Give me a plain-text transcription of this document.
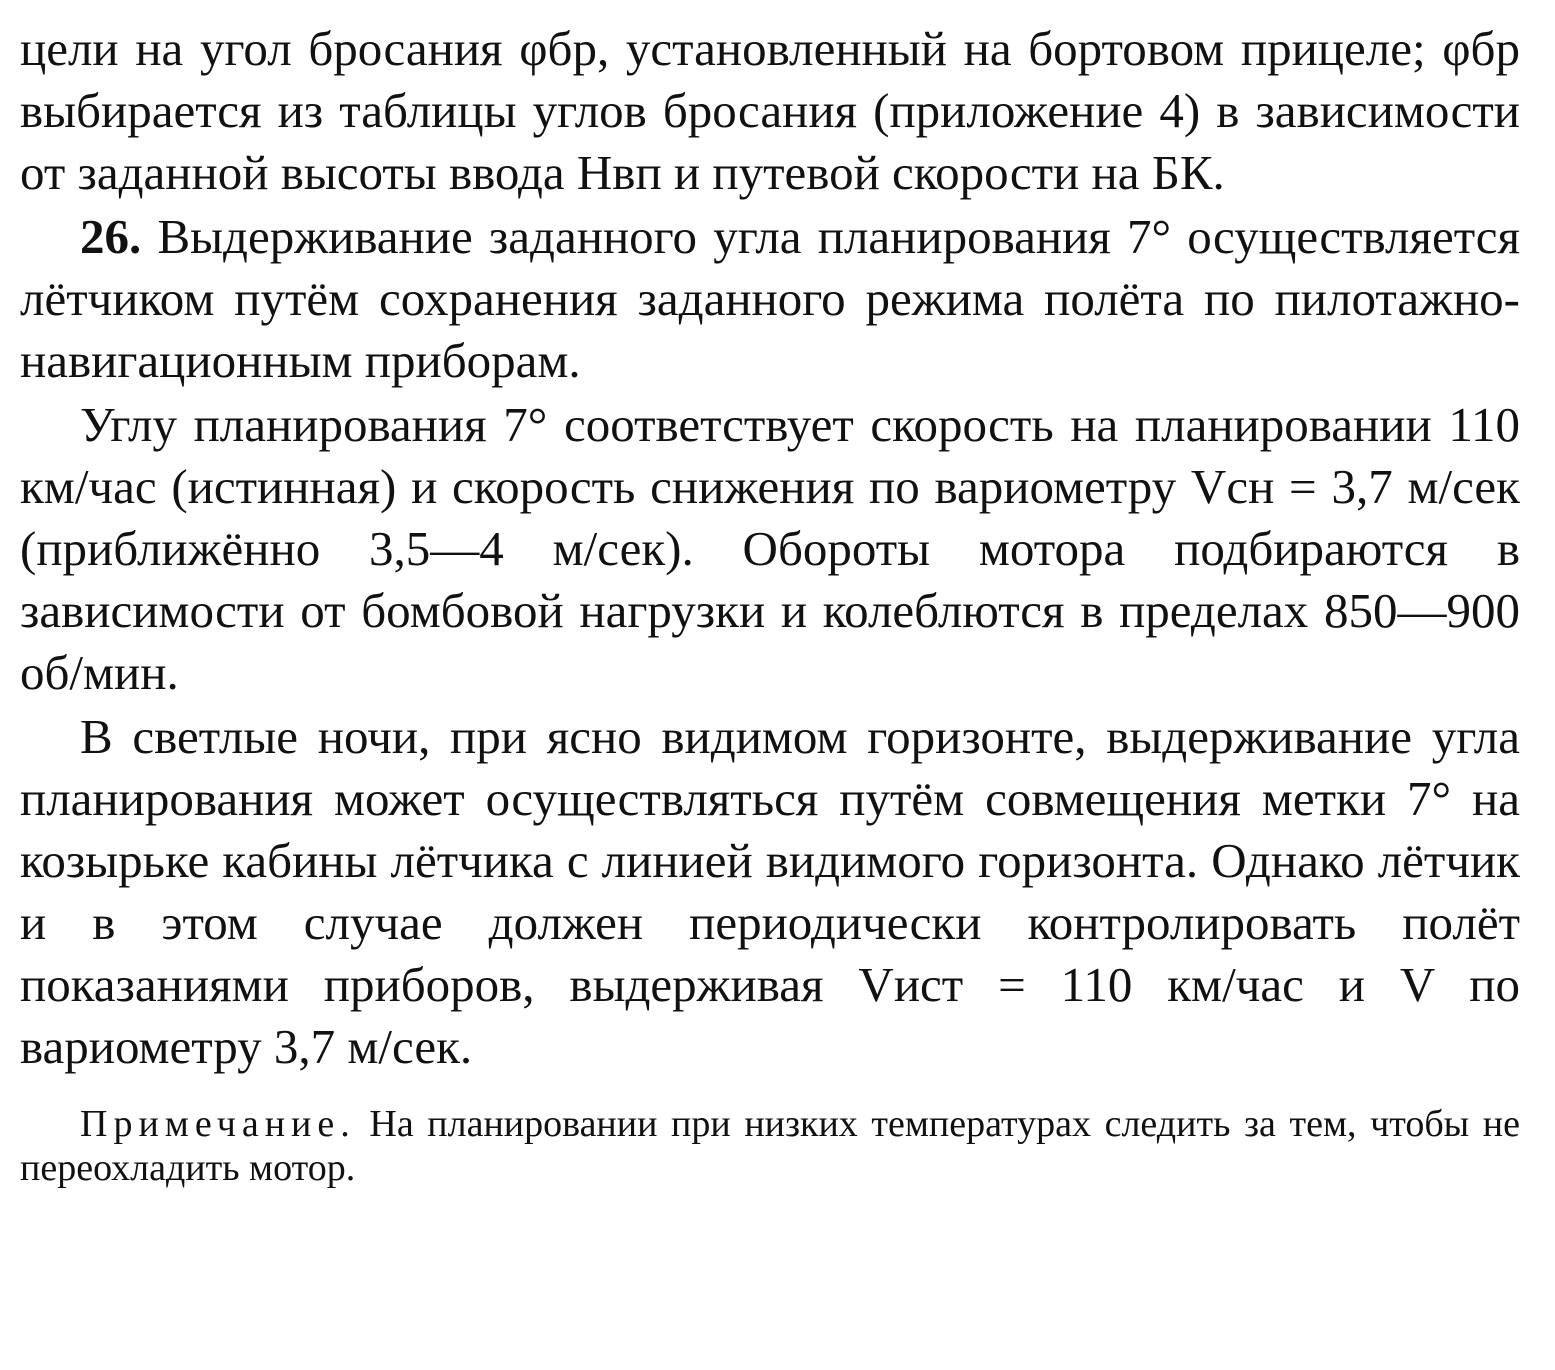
цели на угол бросания φбр, установленный на бортовом прицеле; φбр выбирается из таблицы углов бросания (приложение 4) в зависимости от заданной высоты ввода Hвп и путевой скорости на БК.

26. Выдерживание заданного угла планирования 7° осуществляется лётчиком путём сохранения заданного режима полёта по пилотажно-навигационным приборам.

Углу планирования 7° соответствует скорость на планировании 110 км/час (истинная) и скорость снижения по вариометру Vсн = 3,7 м/сек (приближённо 3,5—4 м/сек). Обороты мотора подбираются в зависимости от бомбовой нагрузки и колеблются в пределах 850—900 об/мин.

В светлые ночи, при ясно видимом горизонте, выдерживание угла планирования может осуществляться путём совмещения метки 7° на козырьке кабины лётчика с линией видимого горизонта. Однако лётчик и в этом случае должен периодически контролировать полёт показаниями приборов, выдерживая Vист = 110 км/час и V по вариометру 3,7 м/сек.

Примечание. На планировании при низких температурах следить за тем, чтобы не переохладить мотор.
